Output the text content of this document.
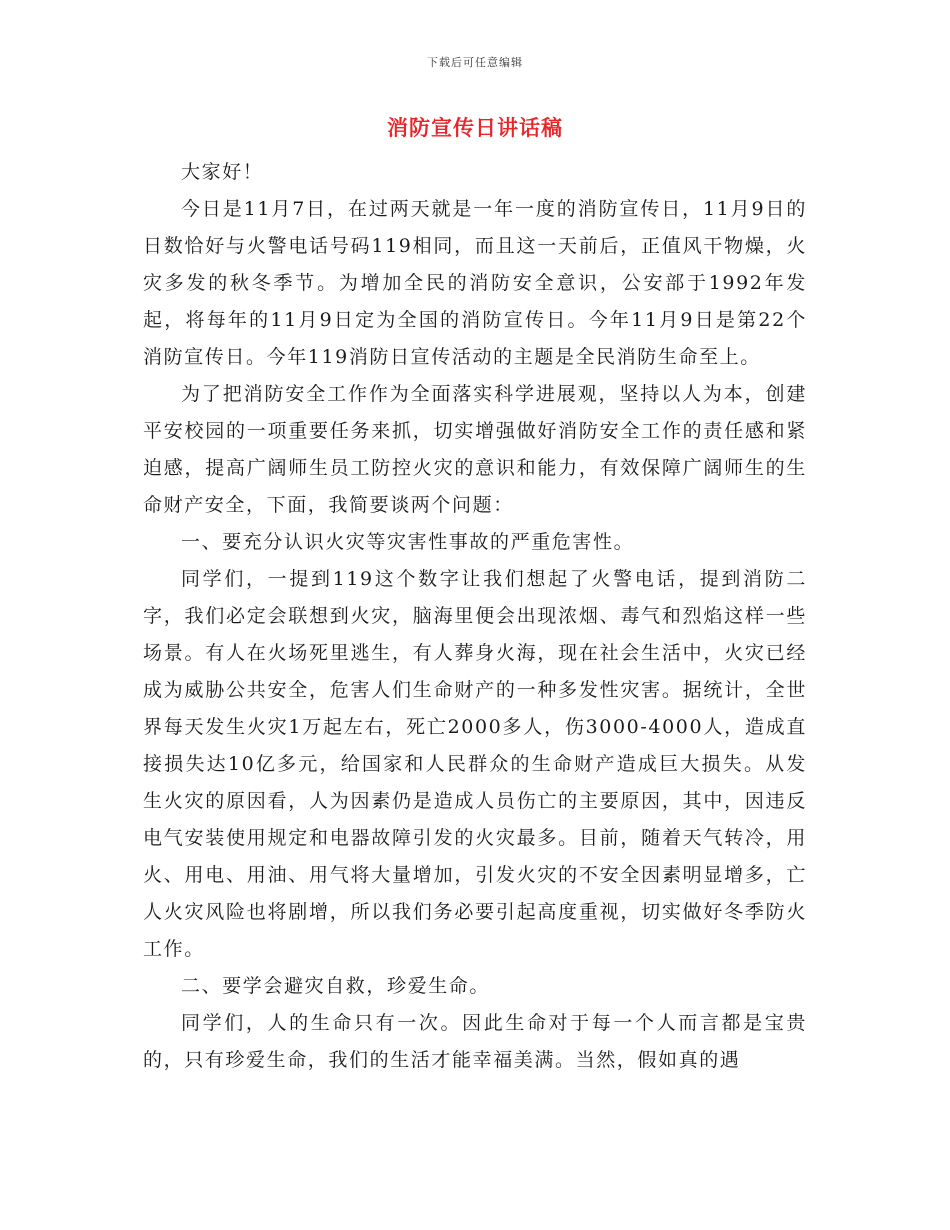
下载后可任意编辑
消防宣传日讲话稿

大家好！

今日是11月7日，在过两天就是一年一度的消防宣传日，11月9日的日数恰好与火警电话号码119相同，而且这一天前后，正值风干物燥，火灾多发的秋冬季节。为增加全民的消防安全意识，公安部于1992年发起，将每年的11月9日定为全国的消防宣传日。今年11月9日是第22个消防宣传日。今年119消防日宣传活动的主题是全民消防生命至上。

为了把消防安全工作作为全面落实科学进展观，坚持以人为本，创建平安校园的一项重要任务来抓，切实增强做好消防安全工作的责任感和紧迫感，提高广阔师生员工防控火灾的意识和能力，有效保障广阔师生的生命财产安全，下面，我简要谈两个问题：

一、要充分认识火灾等灾害性事故的严重危害性。

同学们，一提到119这个数字让我们想起了火警电话，提到消防二字，我们必定会联想到火灾，脑海里便会出现浓烟、毒气和烈焰这样一些场景。有人在火场死里逃生，有人葬身火海，现在社会生活中，火灾已经成为威胁公共安全，危害人们生命财产的一种多发性灾害。据统计，全世界每天发生火灾1万起左右，死亡2000多人，伤3000-4000人，造成直接损失达10亿多元，给国家和人民群众的生命财产造成巨大损失。从发生火灾的原因看，人为因素仍是造成人员伤亡的主要原因，其中，因违反电气安装使用规定和电器故障引发的火灾最多。目前，随着天气转冷，用火、用电、用油、用气将大量增加，引发火灾的不安全因素明显增多，亡人火灾风险也将剧增，所以我们务必要引起高度重视，切实做好冬季防火工作。

二、要学会避灾自救，珍爱生命。

同学们，人的生命只有一次。因此生命对于每一个人而言都是宝贵的，只有珍爱生命，我们的生活才能幸福美满。当然，假如真的遇
